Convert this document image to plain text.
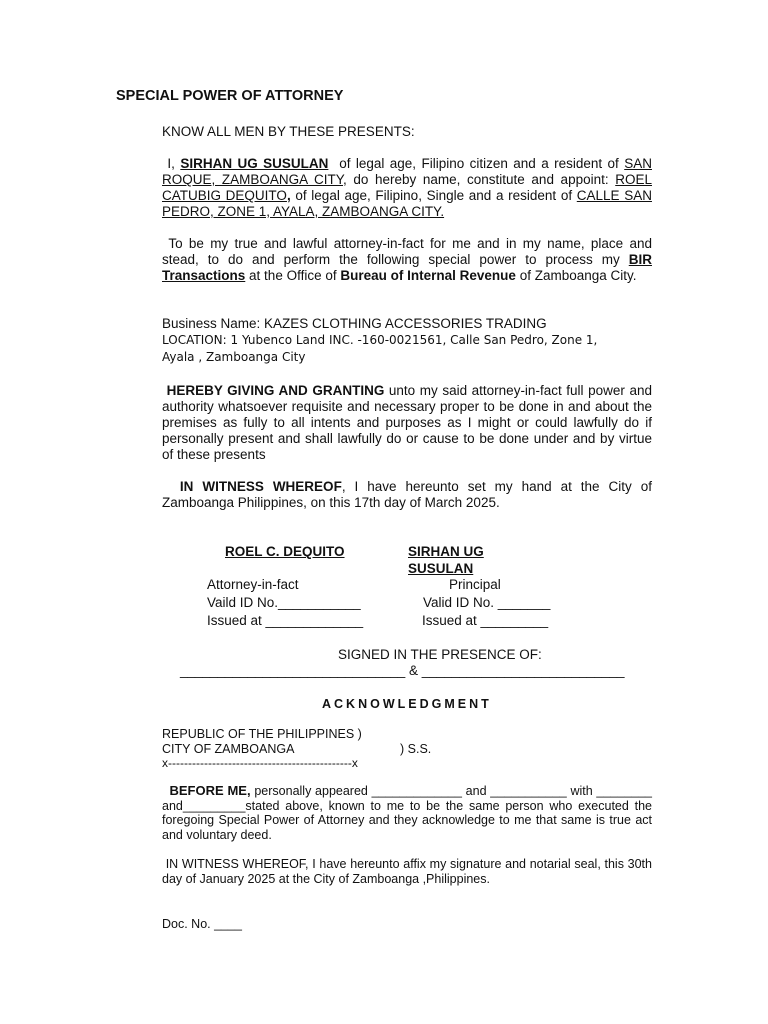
SPECIAL POWER OF ATTORNEY
KNOW ALL MEN BY THESE PRESENTS:
I, SIRHAN UG SUSULAN of legal age, Filipino citizen and a resident of SAN ROQUE, ZAMBOANGA CITY, do hereby name, constitute and appoint: ROEL CATUBIG DEQUITO, of legal age, Filipino, Single and a resident of CALLE SAN PEDRO, ZONE 1, AYALA, ZAMBOANGA CITY.
To be my true and lawful attorney-in-fact for me and in my name, place and stead, to do and perform the following special power to process my BIR Transactions at the Office of Bureau of Internal Revenue of Zamboanga City.
Business Name: KAZES CLOTHING ACCESSORIES TRADING
LOCATION: 1 Yubenco Land INC. -160-0021561, Calle San Pedro, Zone 1,
Ayala , Zamboanga City
HEREBY GIVING AND GRANTING unto my said attorney-in-fact full power and authority whatsoever requisite and necessary proper to be done in and about the premises as fully to all intents and purposes as I might or could lawfully do if personally present and shall lawfully do or cause to be done under and by virtue of these presents
IN WITNESS WHEREOF, I have hereunto set my hand at the City of Zamboanga Philippines, on this 17th day of March 2025.
ROEL C. DEQUITO	SIRHAN UG
SUSULAN
Attorney-in-fact	Principal
Vaild ID No.___________	Valid ID No. _______
Issued at _____________	Issued at _________
SIGNED IN THE PRESENCE OF:
______________________________ & ___________________________
ACKNOWLEDGMENT
REPUBLIC OF THE PHILIPPINES )
CITY OF ZAMBOANGA	) S.S.
x----------------------------------------------x
BEFORE ME, personally appeared _____________ and ___________ with ________ and_________stated above, known to me to be the same person who executed the foregoing Special Power of Attorney and they acknowledge to me that same is true act and voluntary deed.
IN WITNESS WHEREOF, I have hereunto affix my signature and notarial seal, this 30th day of January 2025 at the City of Zamboanga ,Philippines.
Doc. No. ____
